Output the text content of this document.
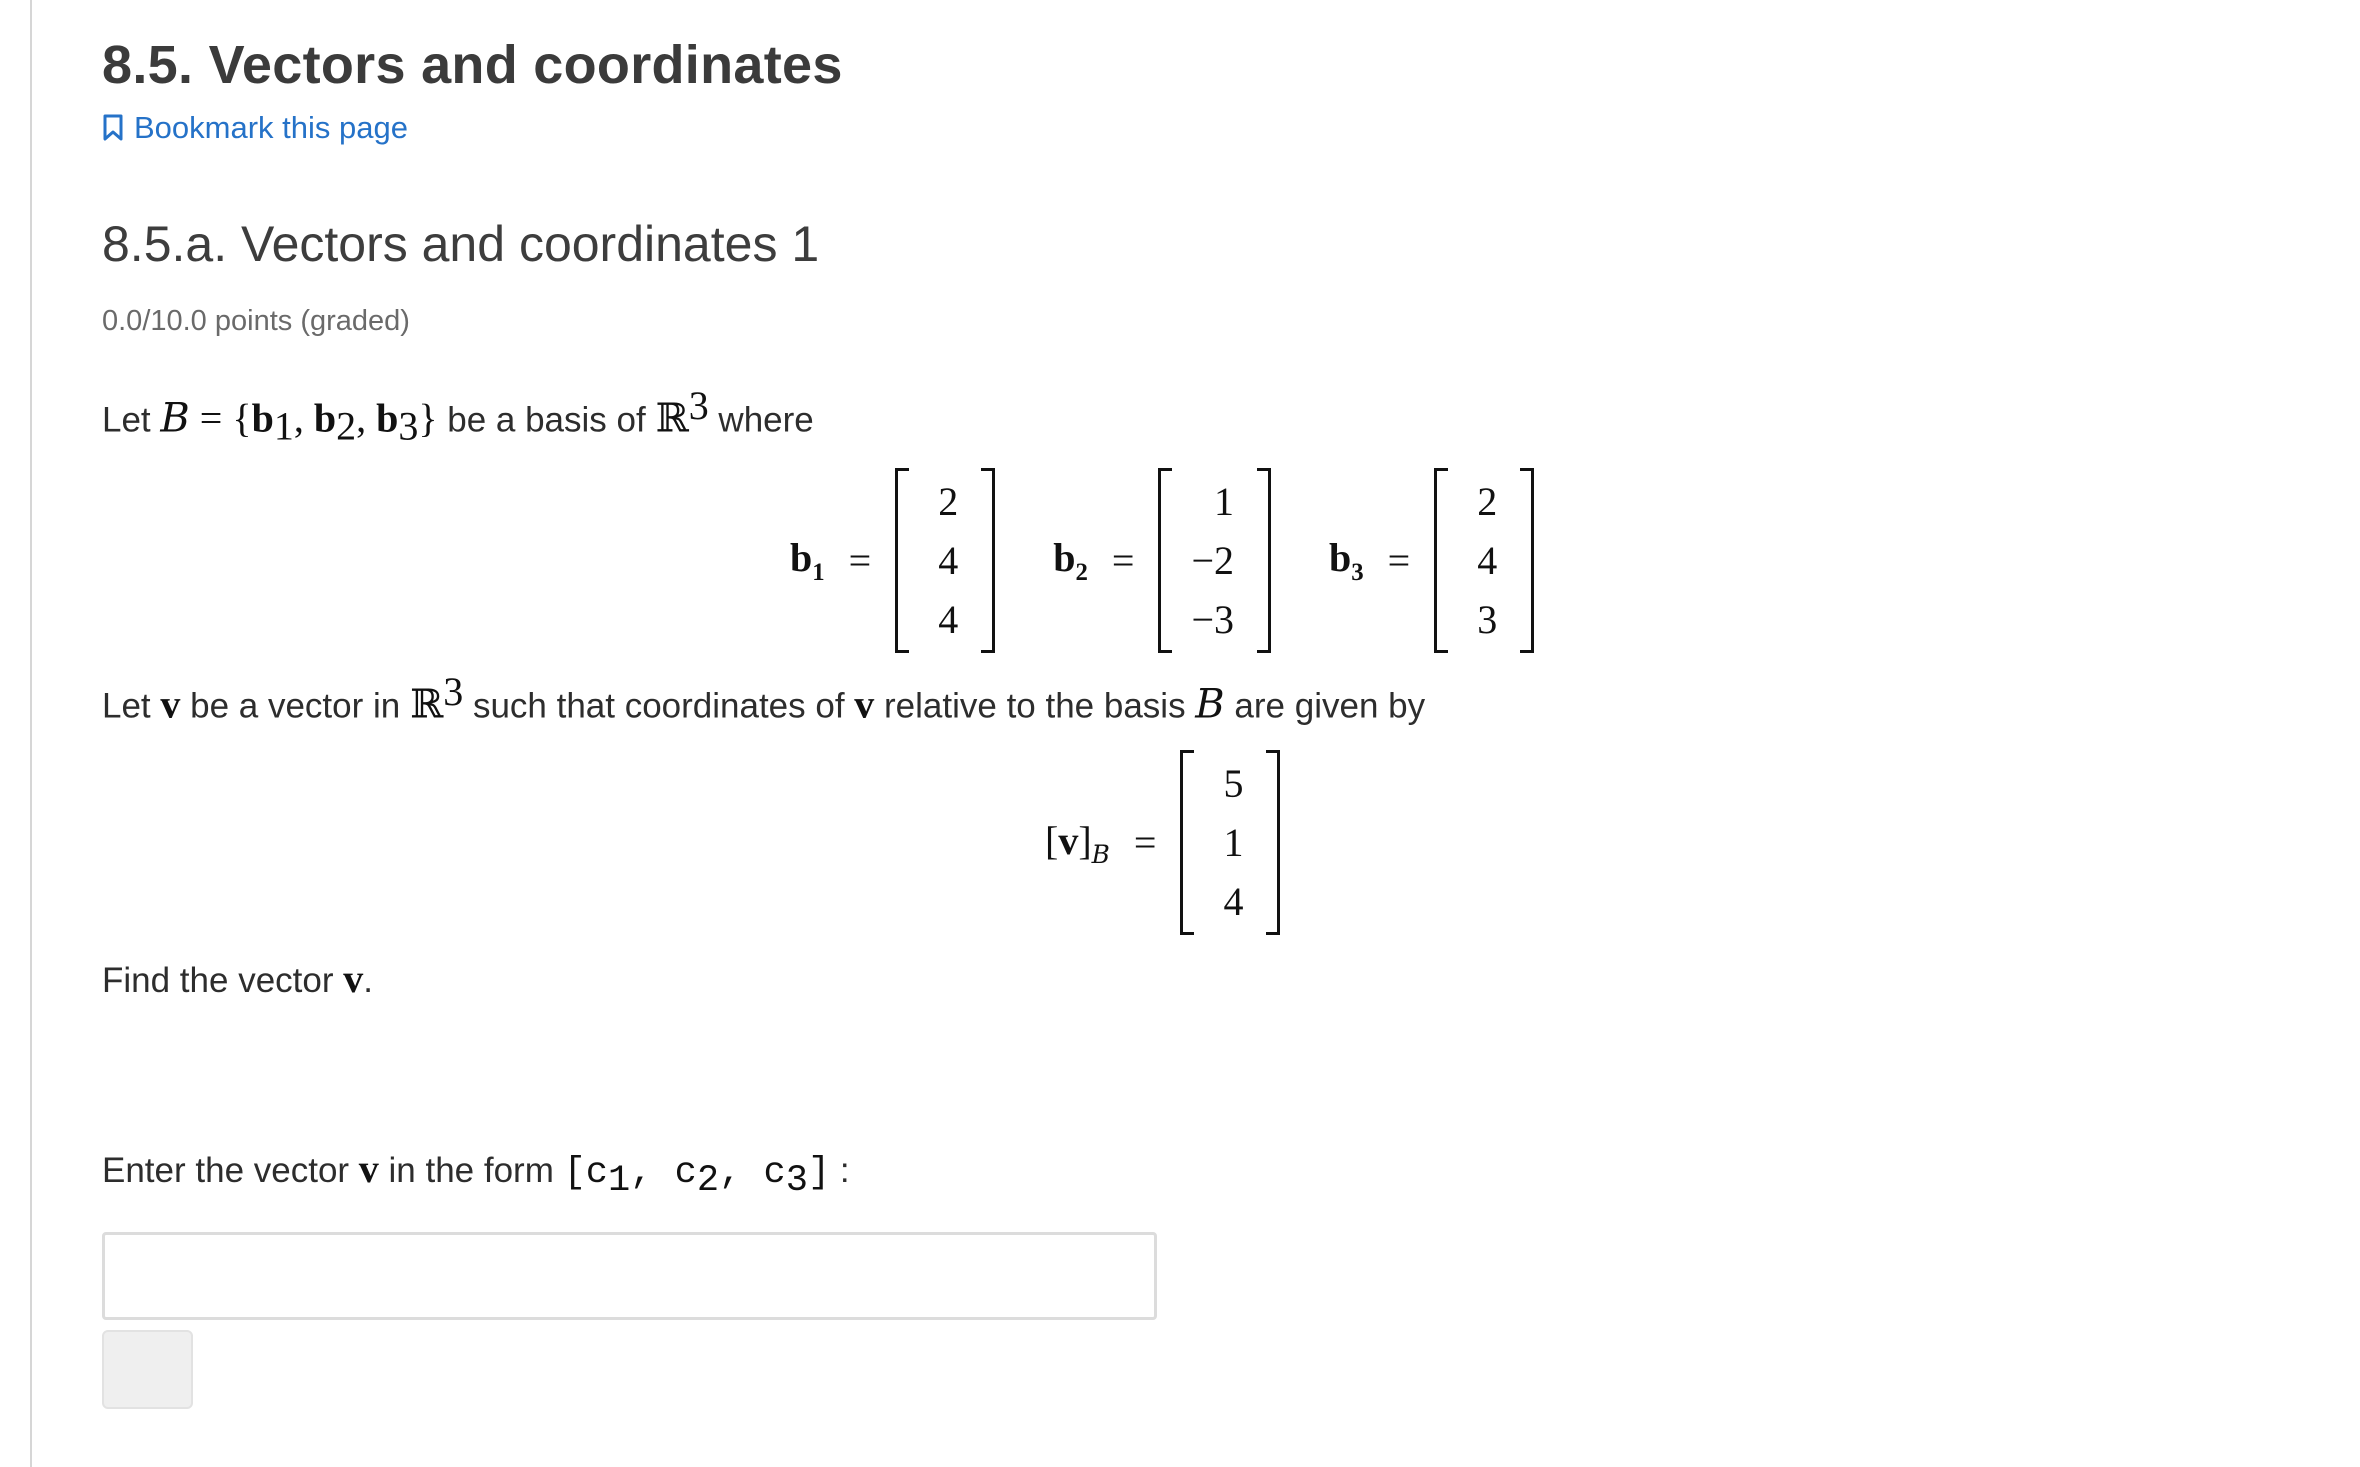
8.5. Vectors and coordinates
Bookmark this page
8.5.a. Vectors and coordinates 1
0.0/10.0 points (graded)
Let $B = \{b_1$, $b_2$, $b_3$} be a basis of ℝ$^3$ where
$b_1$ =
2
4
4
$b_2$ =
1
−2
−3
$b_3$ =
2
4
3
Let v be a vector in ℝ$^3$ such that coordinates of v relative to the basis B are given by
$[v]_B$ =
5
1
4
Find the vector v.
Enter the vector v in the form [$c_1$, $c_2$, $c_3$] :
